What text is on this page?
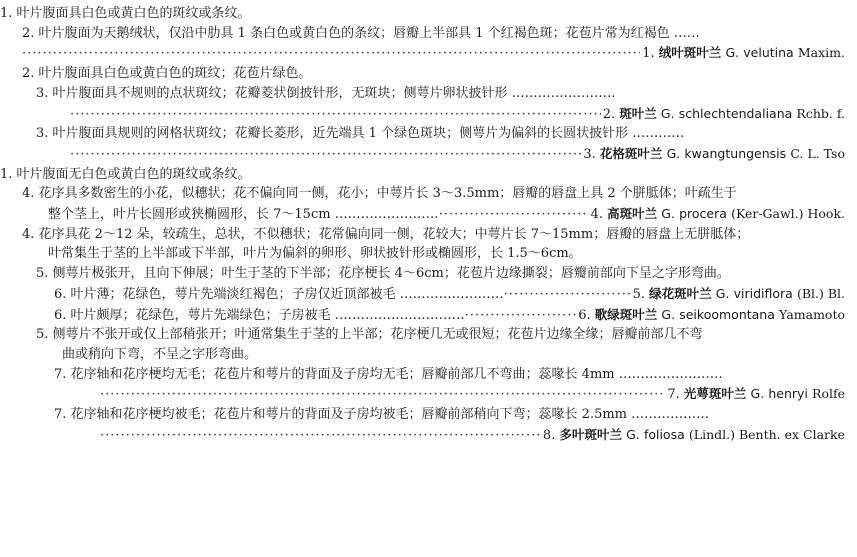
1. 叶片腹面具白色或黄白色的斑纹或条纹。
2. 叶片腹面为天鹅绒状，仅沿中肋具 1 条白色或黄白色的条纹；唇瓣上半部具 1 个红褐色斑；花苞片常为红褐色 ……
·····
1. 绒叶斑叶兰 G. velutina Maxim.
2. 叶片腹面具白色或黄白色的斑纹；花苞片绿色。
3. 叶片腹面具不规则的点状斑纹；花瓣菱状倒披针形，无斑块；侧萼片卵状披针形 ……………………
·····
2. 斑叶兰 G. schlechtendaliana Rchb. f.
3. 叶片腹面具规则的网格状斑纹；花瓣长菱形，近先端具 1 个绿色斑块；侧萼片为偏斜的长圆状披针形 …………
·····
3. 花格斑叶兰 G. kwangtungensis C. L. Tso
1. 叶片腹面无白色或黄白色的斑纹或条纹。
4. 花序具多数密生的小花，似穗状；花不偏向同一侧，花小；中萼片长 3～3.5mm；唇瓣的唇盘上具 2 个胼胝体；叶疏生于
整个茎上，叶片长圆形或狭椭圆形，长 7～15cm …………………… ·····	4. 高斑叶兰 G. procera (Ker-Gawl.) Hook.
4. 花序具花 2～12 朵，较疏生，总状，不似穗状；花常偏向同一侧，花较大；中萼片长 7～15mm；唇瓣的唇盘上无胼胝体；
叶常集生于茎的上半部或下半部，叶片为偏斜的卵形、卵状披针形或椭圆形，长 1.5～6cm。
5. 侧萼片极张开，且向下伸展；叶生于茎的下半部；花序梗长 4～6cm；花苞片边缘撕裂；唇瓣前部向下呈之字形弯曲。
6. 叶片薄；花绿色，萼片先端淡红褐色；子房仅近顶部被毛 …………………… ·····	5. 绿花斑叶兰 G. viridiflora (Bl.) Bl.
6. 叶片颇厚；花绿色，萼片先端绿色；子房被毛 ………………………… ·····	6. 歌绿斑叶兰 G. seikoomontana Yamamoto
5. 侧萼片不张开或仅上部稍张开；叶通常集生于茎的上半部；花序梗几无或很短；花苞片边缘全缘；唇瓣前部几不弯
曲或稍向下弯，不呈之字形弯曲。
7. 花序轴和花序梗均无毛；花苞片和萼片的背面及子房均无毛；唇瓣前部几不弯曲；蕊喙长 4mm ……………………
·····
7. 光萼斑叶兰 G. henryi Rolfe
7. 花序轴和花序梗均被毛；花苞片和萼片的背面及子房均被毛；唇瓣前部稍向下弯；蕊喙长 2.5mm ………………
·····
8. 多叶斑叶兰 G. foliosa (Lindl.) Benth. ex Clarke
